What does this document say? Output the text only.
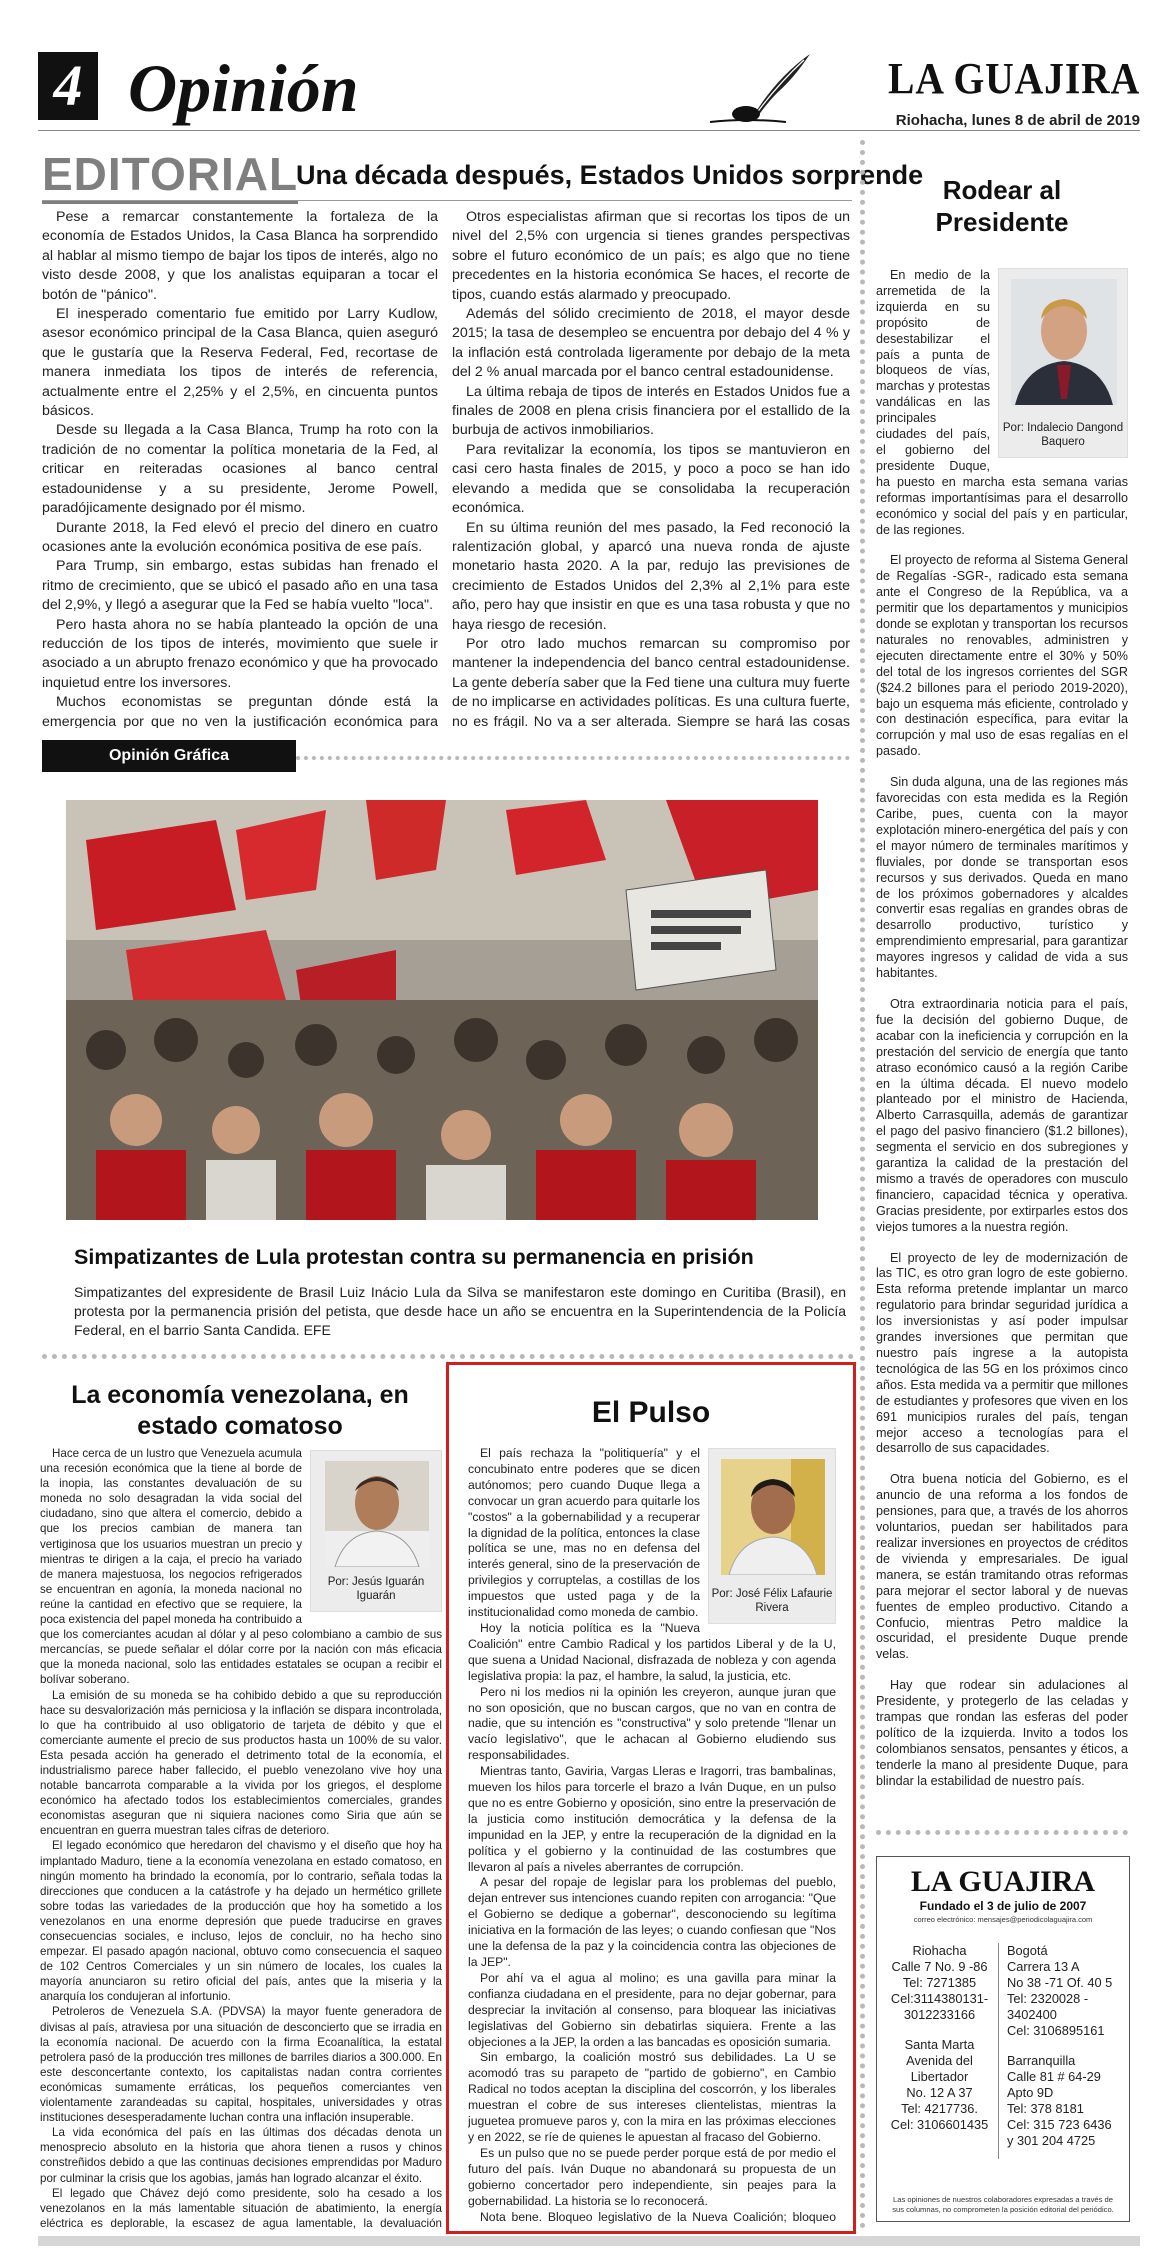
4 Opinión	LA GUAJIRA
Riohacha, lunes 8 de abril de 2019
EDITORIAL
Una década después, Estados Unidos sorprende

Pese a remarcar constantemente la fortaleza de la economía de Estados Unidos, la Casa Blanca ha sorprendido al hablar al mismo tiempo de bajar los tipos de interés, algo no visto desde 2008, y que los analistas equiparan a tocar el botón de "pánico".

El inesperado comentario fue emitido por Larry Kudlow, asesor económico principal de la Casa Blanca, quien aseguró que le gustaría que la Reserva Federal, Fed, recortase de manera inmediata los tipos de interés de referencia, actualmente entre el 2,25% y el 2,5%, en cincuenta puntos básicos.

Desde su llegada a la Casa Blanca, Trump ha roto con la tradición de no comentar la política monetaria de la Fed, al criticar en reiteradas ocasiones al banco central estadounidense y a su presidente, Jerome Powell, paradójicamente designado por él mismo.

Durante 2018, la Fed elevó el precio del dinero en cuatro ocasiones ante la evolución económica positiva de ese país.

Para Trump, sin embargo, estas subidas han frenado el ritmo de crecimiento, que se ubicó el pasado año en una tasa del 2,9%, y llegó a asegurar que la Fed se había vuelto "loca".

Pero hasta ahora no se había planteado la opción de una reducción de los tipos de interés, movimiento que suele ir asociado a un abrupto frenazo económico y que ha provocado inquietud entre los inversores.

Muchos economistas se preguntan dónde está la emergencia por que no ven la justificación económica para

Otros especialistas afirman que si recortas los tipos de un nivel del 2,5% con urgencia si tienes grandes perspectivas sobre el futuro económico de un país; es algo que no tiene precedentes en la historia económica Se haces, el recorte de tipos, cuando estás alarmado y preocupado.

Además del sólido crecimiento de 2018, el mayor desde 2015; la tasa de desempleo se encuentra por debajo del 4 % y la inflación está controlada ligeramente por debajo de la meta del 2 % anual marcada por el banco central estadounidense.

La última rebaja de tipos de interés en Estados Unidos fue a finales de 2008 en plena crisis financiera por el estallido de la burbuja de activos inmobiliarios.

Para revitalizar la economía, los tipos se mantuvieron en casi cero hasta finales de 2015, y poco a poco se han ido elevando a medida que se consolidaba la recuperación económica.

En su última reunión del mes pasado, la Fed reconoció la ralentización global, y aparcó una nueva ronda de ajuste monetario hasta 2020. A la par, redujo las previsiones de crecimiento de Estados Unidos del 2,3% al 2,1% para este año, pero hay que insistir en que es una tasa robusta y que no haya riesgo de recesión.

Por otro lado muchos remarcan su compromiso por mantener la independencia del banco central estadounidense. La gente debería saber que la Fed tiene una cultura muy fuerte de no implicarse en actividades políticas. Es una cultura fuerte, no es frágil. No va a ser alterada. Siempre se hará las cosas

Opinión Gráfica
Simpatizantes de Lula protestan contra su permanencia en prisión
Simpatizantes del expresidente de Brasil Luiz Inácio Lula da Silva se manifestaron este domingo en Curitiba (Brasil), en protesta por la permanencia prisión del petista, que desde hace un año se encuentra en la Superintendencia de la Policía Federal, en el barrio Santa Candida. EFE
La economía venezolana, en estado comatoso
Por: Jesús Iguarán Iguarán

Hace cerca de un lustro que Venezuela acumula una recesión económica que la tiene al borde de la inopia, las constantes devaluación de su moneda no solo desagradan la vida social del ciudadano, sino que altera el comercio, debido a que los precios cambian de manera tan vertiginosa que los usuarios muestran un precio y mientras te dirigen a la caja, el precio ha variado de manera majestuosa, los negocios refrigerados se encuentran en agonía, la moneda nacional no reúne la cantidad en efectivo que se requiere, la poca existencia del papel moneda ha contribuido a que los comerciantes acudan al dólar y al peso colombiano a cambio de sus mercancías, se puede señalar el dólar corre por la nación con más eficacia que la moneda nacional, solo las entidades estatales se ocupan a recibir el bolívar soberano.

La emisión de su moneda se ha cohibido debido a que su reproducción hace su desvalorización más perniciosa y la inflación se dispara incontrolada, lo que ha contribuido al uso obligatorio de tarjeta de débito y que el comerciante aumente el precio de sus productos hasta un 100% de su valor. Esta pesada acción ha generado el detrimento total de la economía, el industrialismo parece haber fallecido, el pueblo venezolano vive hoy una notable bancarrota comparable a la vivida por los griegos, el desplome económico ha afectado todos los establecimientos comerciales, grandes economistas aseguran que ni siquiera naciones como Siria que aún se encuentran en guerra muestran tales cifras de deterioro.

El legado económico que heredaron del chavismo y el diseño que hoy ha implantado Maduro, tiene a la economía venezolana en estado comatoso, en ningún momento ha brindado la economía, por lo contrario, señala todas la direcciones que conducen a la catástrofe y ha dejado un hermético grillete sobre todas las variedades de la producción que hoy ha sometido a los venezolanos en una enorme depresión que puede traducirse en graves consecuencias sociales, e incluso, lejos de concluir, no ha hecho sino empezar. El pasado apagón nacional, obtuvo como consecuencia el saqueo de 102 Centros Comerciales y un sin número de locales, los cuales la mayoría anunciaron su retiro oficial del país, antes que la miseria y la anarquía los condujeran al infortunio.

Petroleros de Venezuela S.A. (PDVSA) la mayor fuente generadora de divisas al país, atraviesa por una situación de desconcierto que se irradia en la economía nacional. De acuerdo con la firma Ecoanalítica, la estatal petrolera pasó de la producción tres millones de barriles diarios a 300.000. En este desconcertante contexto, los capitalistas nadan contra corrientes económicas sumamente erráticas, los pequeños comerciantes ven violentamente zarandeadas su capital, hospitales, universidades y otras instituciones desesperadamente luchan contra una inflación insuperable.

La vida económica del país en las últimas dos décadas denota un menosprecio absoluto en la historia que ahora tienen a rusos y chinos constreñidos debido a que las continuas decisiones emprendidas por Maduro por culminar la crisis que los agobias, jamás han logrado alcanzar el éxito.

El legado que Chávez dejó como presidente, solo ha cesado a los venezolanos en la más lamentable situación de abatimiento, la energía eléctrica es deplorable, la escasez de agua lamentable, la devaluación

El Pulso
Por: José Félix Lafaurie Rivera

El país rechaza la "politiquería" y el concubinato entre poderes que se dicen autónomos; pero cuando Duque llega a convocar un gran acuerdo para quitarle los "costos" a la gobernabilidad y a recuperar la dignidad de la política, entonces la clase política se une, mas no en defensa del interés general, sino de la preservación de privilegios y corruptelas, a costillas de los impuestos que usted paga y de la institucionalidad como moneda de cambio.

Hoy la noticia política es la "Nueva Coalición" entre Cambio Radical y los partidos Liberal y de la U, que suena a Unidad Nacional, disfrazada de nobleza y con agenda legislativa propia: la paz, el hambre, la salud, la justicia, etc.

Pero ni los medios ni la opinión les creyeron, aunque juran que no son oposición, que no buscan cargos, que no van en contra de nadie, que su intención es "constructiva" y solo pretende "llenar un vacío legislativo", que le achacan al Gobierno eludiendo sus responsabilidades.

Mientras tanto, Gaviria, Vargas Lleras e Iragorri, tras bambalinas, mueven los hilos para torcerle el brazo a Iván Duque, en un pulso que no es entre Gobierno y oposición, sino entre la preservación de la justicia como institución democrática y la defensa de la impunidad en la JEP, y entre la recuperación de la dignidad en la política y el gobierno y la continuidad de las costumbres que llevaron al país a niveles aberrantes de corrupción.

A pesar del ropaje de legislar para los problemas del pueblo, dejan entrever sus intenciones cuando repiten con arrogancia: "Que el Gobierno se dedique a gobernar", desconociendo su legítima iniciativa en la formación de las leyes; o cuando confiesan que "Nos une la defensa de la paz y la coincidencia contra las objeciones de la JEP".

Por ahí va el agua al molino; es una gavilla para minar la confianza ciudadana en el presidente, para no dejar gobernar, para despreciar la invitación al consenso, para bloquear las iniciativas legislativas del Gobierno sin debatirlas siquiera. Frente a las objeciones a la JEP, la orden a las bancadas es oposición sumaria.

Sin embargo, la coalición mostró sus debilidades. La U se acomodó tras su parapeto de "partido de gobierno", en Cambio Radical no todos aceptan la disciplina del coscorrón, y los liberales muestran el cobre de sus intereses clientelistas, mientras la juguetea promueve paros y, con la mira en las próximas elecciones y en 2022, se ríe de quienes le apuestan al fracaso del Gobierno.

Es un pulso que no se puede perder porque está de por medio el futuro del país. Iván Duque no abandonará su propuesta de un gobierno concertador pero independiente, sin peajes para la gobernabilidad. La historia se lo reconocerá.

Nota bene. Bloqueo legislativo de la Nueva Coalición; bloqueo

Rodear al Presidente
Por: Indalecio Dangond Baquero

En medio de la arremetida de la izquierda en su propósito de desestabilizar el país a punta de bloqueos de vías, marchas y protestas vandálicas en las principales ciudades del país, el gobierno del presidente Duque, ha puesto en marcha esta semana varias reformas importantísimas para el desarrollo económico y social del país y en particular, de las regiones.

El proyecto de reforma al Sistema General de Regalías -SGR-, radicado esta semana ante el Congreso de la República, va a permitir que los departamentos y municipios donde se explotan y transportan los recursos naturales no renovables, administren y ejecuten directamente entre el 30% y 50% del total de los ingresos corrientes del SGR ($24.2 billones para el periodo 2019-2020), bajo un esquema más eficiente, controlado y con destinación específica, para evitar la corrupción y mal uso de esas regalías en el pasado.

Sin duda alguna, una de las regiones más favorecidas con esta medida es la Región Caribe, pues, cuenta con la mayor explotación minero-energética del país y con el mayor número de terminales marítimos y fluviales, por donde se transportan esos recursos y sus derivados. Queda en mano de los próximos gobernadores y alcaldes convertir esas regalías en grandes obras de desarrollo productivo, turístico y emprendimiento empresarial, para garantizar mayores ingresos y calidad de vida a sus habitantes.

Otra extraordinaria noticia para el país, fue la decisión del gobierno Duque, de acabar con la ineficiencia y corrupción en la prestación del servicio de energía que tanto atraso económico causó a la región Caribe en la última década. El nuevo modelo planteado por el ministro de Hacienda, Alberto Carrasquilla, además de garantizar el pago del pasivo financiero ($1.2 billones), segmenta el servicio en dos subregiones y garantiza la calidad de la prestación del mismo a través de operadores con musculo financiero, capacidad técnica y operativa. Gracias presidente, por extirparles estos dos viejos tumores a la nuestra región.

El proyecto de ley de modernización de las TIC, es otro gran logro de este gobierno. Esta reforma pretende implantar un marco regulatorio para brindar seguridad jurídica a los inversionistas y así poder impulsar grandes inversiones que permitan que nuestro país ingrese a la autopista tecnológica de las 5G en los próximos cinco años. Esta medida va a permitir que millones de estudiantes y profesores que viven en los 691 municipios rurales del país, tengan mejor acceso a tecnologías para el desarrollo de sus capacidades.

Otra buena noticia del Gobierno, es el anuncio de una reforma a los fondos de pensiones, para que, a través de los ahorros voluntarios, puedan ser habilitados para realizar inversiones en proyectos de créditos de vivienda y empresariales. De igual manera, se están tramitando otras reformas para mejorar el sector laboral y de nuevas fuentes de empleo productivo. Citando a Confucio, mientras Petro maldice la oscuridad, el presidente Duque prende velas.

Hay que rodear sin adulaciones al Presidente, y protegerlo de las celadas y trampas que rondan las esferas del poder político de la izquierda. Invito a todos los colombianos sensatos, pensantes y éticos, a tenderle la mano al presidente Duque, para blindar la estabilidad de nuestro país.

LA GUAJIRA
Fundado el 3 de julio de 2007
correo electrónico: mensajes@periodicolaguajira.com
Riohacha
Calle 7 No. 9 -86
Tel: 7271385
Cel:3114380131-
3012233166
Santa Marta
Avenida del
Libertador
No. 12 A 37
Tel: 4217736.
Cel: 3106601435
Bogotá
Carrera 13 A
No 38 -71 Of. 40 5
Tel: 2320028 -
3402400
Cel: 3106895161
Barranquilla
Calle 81 # 64-29
Apto 9D
Tel: 378 8181
Cel: 315 723 6436
y 301 204 4725
Las opiniones de nuestros colaboradores expresadas a través de sus columnas, no comprometen la posición editorial del periódico.
